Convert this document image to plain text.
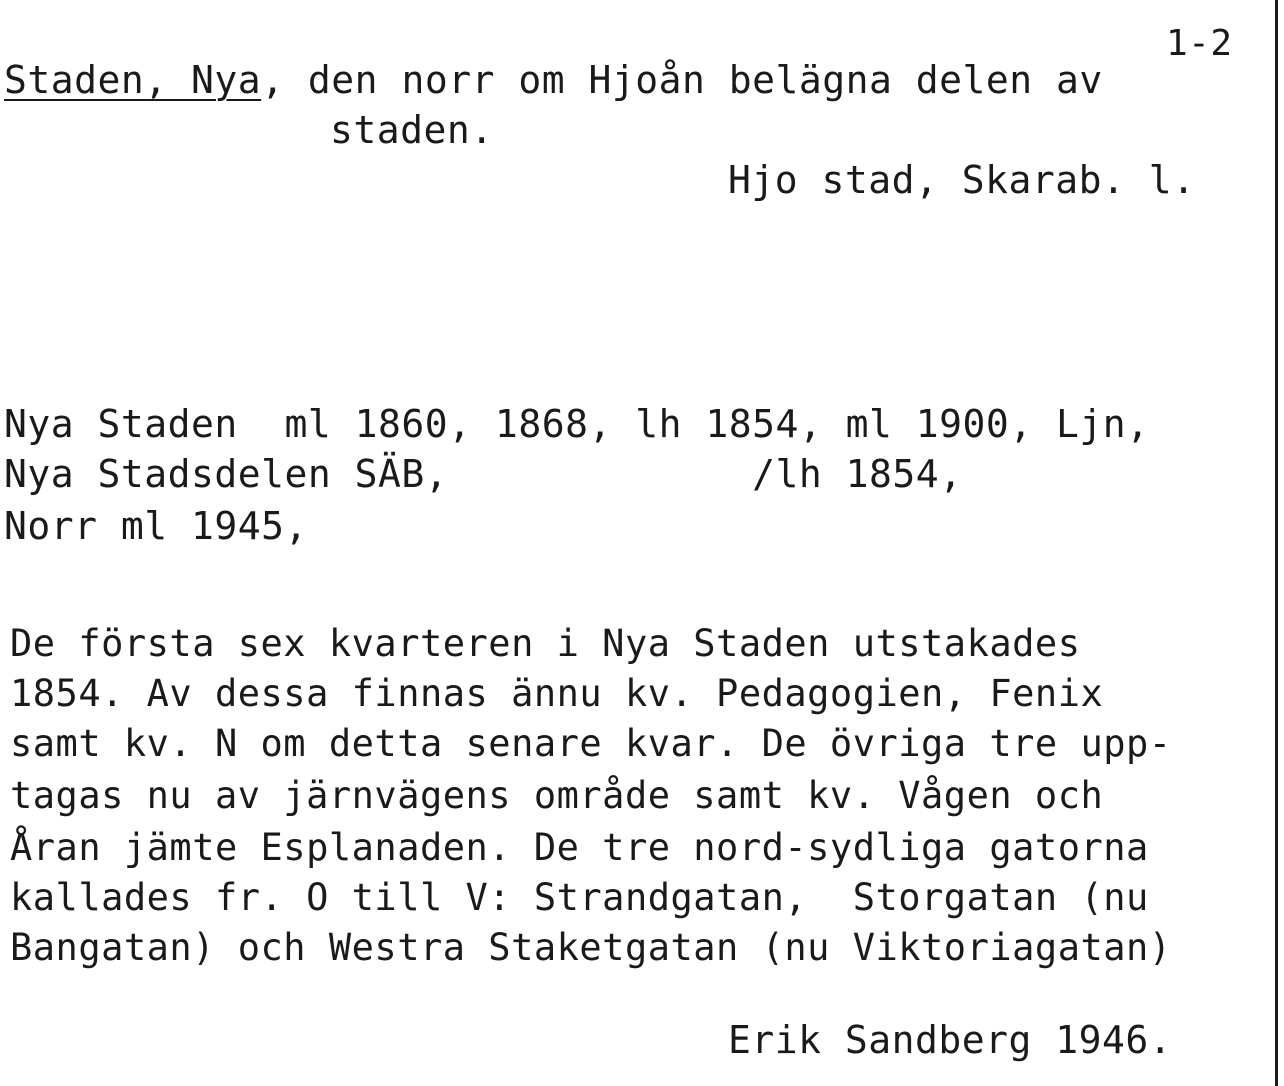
1-2
Staden, Nya, den norr om Hjoån belägna delen av
staden.
Hjo stad, Skarab. l.
Nya Staden  ml 1860, 1868, lh 1854, ml 1900, Ljn,
Nya Stadsdelen SÄB,             /lh 1854,
Norr ml 1945,
De första sex kvarteren i Nya Staden utstakades
1854. Av dessa finnas ännu kv. Pedagogien, Fenix
samt kv. N om detta senare kvar. De övriga tre upp-
tagas nu av järnvägens område samt kv. Vågen och
Åran jämte Esplanaden. De tre nord-sydliga gatorna
kallades fr. O till V: Strandgatan,  Storgatan (nu
Bangatan) och Westra Staketgatan (nu Viktoriagatan)
Erik Sandberg 1946.
